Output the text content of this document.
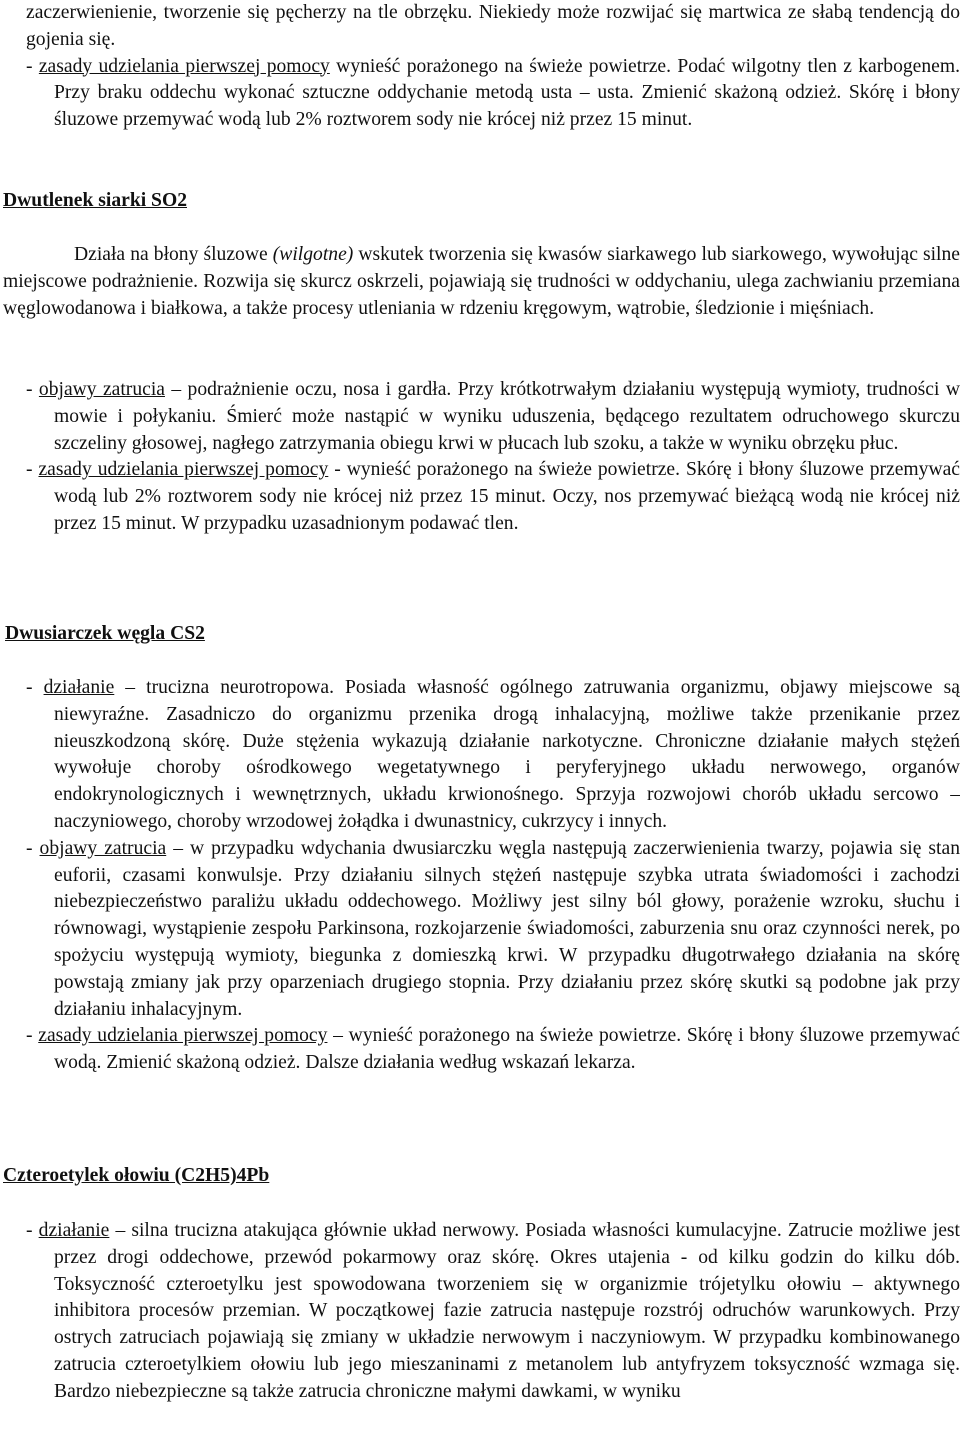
zaczerwienienie, tworzenie się pęcherzy na tle obrzęku. Niekiedy może rozwijać się martwica ze słabą tendencją do gojenia się.

- zasady udzielania pierwszej pomocy wynieść porażonego na świeże powietrze. Podać wilgotny tlen z karbogenem. Przy braku oddechu wykonać sztuczne oddychanie metodą usta – usta. Zmienić skażoną odzież. Skórę i błony śluzowe przemywać wodą lub 2% roztworem sody nie krócej niż przez 15 minut.

Dwutlenek siarki SO2

Działa na błony śluzowe (wilgotne) wskutek tworzenia się kwasów siarkawego lub siarkowego, wywołując silne miejscowe podrażnienie. Rozwija się skurcz oskrzeli, pojawiają się trudności w oddychaniu, ulega zachwianiu przemiana węglowodanowa i białkowa, a także procesy utleniania w rdzeniu kręgowym, wątrobie, śledzionie i mięśniach.

- objawy zatrucia – podrażnienie oczu, nosa i gardła. Przy krótkotrwałym działaniu występują wymioty, trudności w mowie i połykaniu. Śmierć może nastąpić w wyniku uduszenia, będącego rezultatem odruchowego skurczu szczeliny głosowej, nagłego zatrzymania obiegu krwi w płucach lub szoku, a także w wyniku obrzęku płuc.

- zasady udzielania pierwszej pomocy - wynieść porażonego na świeże powietrze. Skórę i błony śluzowe przemywać wodą lub 2% roztworem sody nie krócej niż przez 15 minut. Oczy, nos przemywać bieżącą wodą nie krócej niż przez 15 minut. W przypadku uzasadnionym podawać tlen.

Dwusiarczek węgla CS2

- działanie – trucizna neurotropowa. Posiada własność ogólnego zatruwania organizmu, objawy miejscowe są niewyraźne. Zasadniczo do organizmu przenika drogą inhalacyjną, możliwe także przenikanie przez nieuszkodzoną skórę. Duże stężenia wykazują działanie narkotyczne. Chroniczne działanie małych stężeń wywołuje choroby ośrodkowego wegetatywnego i peryferyjnego układu nerwowego, organów endokrynologicznych i wewnętrznych, układu krwionośnego. Sprzyja rozwojowi chorób układu sercowo – naczyniowego, choroby wrzodowej żołądka i dwunastnicy, cukrzycy i innych.

- objawy zatrucia – w przypadku wdychania dwusiarczku węgla następują zaczerwienienia twarzy, pojawia się stan euforii, czasami konwulsje. Przy działaniu silnych stężeń następuje szybka utrata świadomości i zachodzi niebezpieczeństwo paraliżu układu oddechowego. Możliwy jest silny ból głowy, porażenie wzroku, słuchu i równowagi, wystąpienie zespołu Parkinsona, rozkojarzenie świadomości, zaburzenia snu oraz czynności nerek, po spożyciu występują wymioty, biegunka z domieszką krwi. W przypadku długotrwałego działania na skórę powstają zmiany jak przy oparzeniach drugiego stopnia. Przy działaniu przez skórę skutki są podobne jak przy działaniu inhalacyjnym.

- zasady udzielania pierwszej pomocy – wynieść porażonego na świeże powietrze. Skórę i błony śluzowe przemywać wodą. Zmienić skażoną odzież. Dalsze działania według wskazań lekarza.

Czteroetylek ołowiu (C2H5)4Pb

- działanie – silna trucizna atakująca głównie układ nerwowy. Posiada własności kumulacyjne. Zatrucie możliwe jest przez drogi oddechowe, przewód pokarmowy oraz skórę. Okres utajenia - od kilku godzin do kilku dób. Toksyczność czteroetylku jest spowodowana tworzeniem się w organizmie trójetylku ołowiu – aktywnego inhibitora procesów przemian. W początkowej fazie zatrucia następuje rozstrój odruchów warunkowych. Przy ostrych zatruciach pojawiają się zmiany w układzie nerwowym i naczyniowym. W przypadku kombinowanego zatrucia czteroetylkiem ołowiu lub jego mieszaninami z metanolem lub antyfryzem toksyczność wzmaga się. Bardzo niebezpieczne są także zatrucia chroniczne małymi dawkami, w wyniku
